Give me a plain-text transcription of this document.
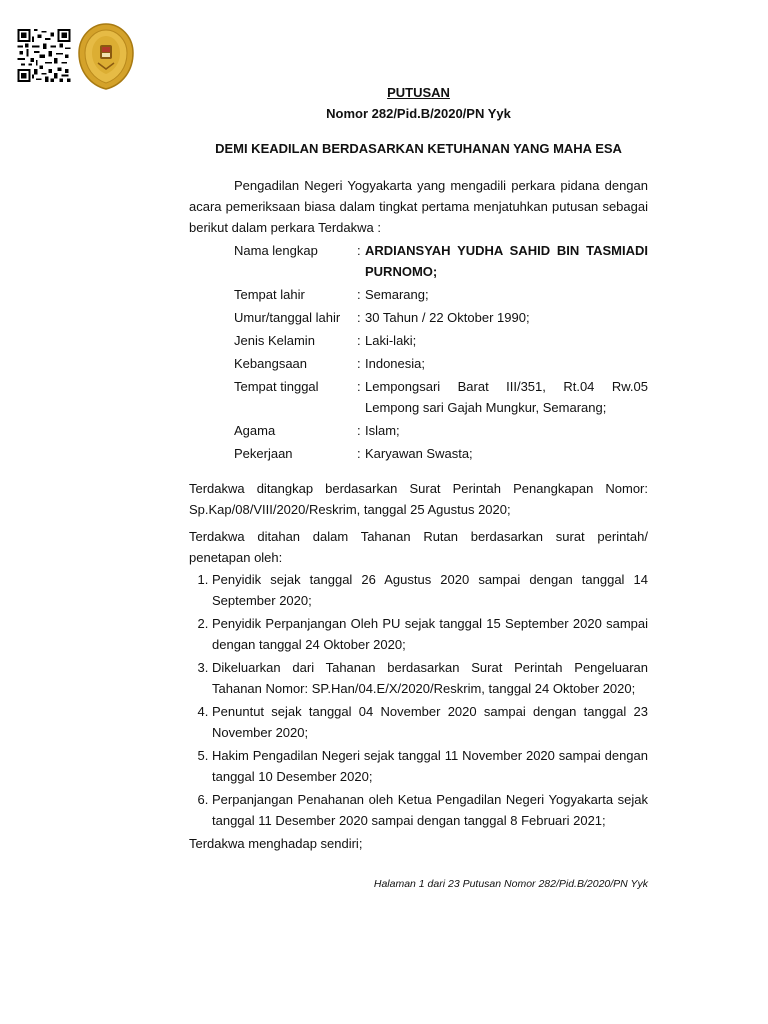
PUTUSAN
Nomor 282/Pid.B/2020/PN Yyk
DEMI KEADILAN BERDASARKAN KETUHANAN YANG MAHA ESA

Pengadilan Negeri Yogyakarta yang mengadili perkara pidana dengan acara pemeriksaan biasa dalam tingkat pertama menjatuhkan putusan sebagai berikut dalam perkara Terdakwa :

Nama lengkap	:	ARDIANSYAH YUDHA SAHID BIN TASMIADI PURNOMO;
Tempat lahir	:	Semarang;
Umur/tanggal lahir	:	30 Tahun / 22 Oktober 1990;
Jenis Kelamin	:	Laki-laki;
Kebangsaan	:	Indonesia;
Tempat tinggal	:	Lempongsari Barat III/351, Rt.04 Rw.05 Lempong sari Gajah Mungkur, Semarang;
Agama	:	Islam;
Pekerjaan	:	Karyawan Swasta;

Terdakwa ditangkap berdasarkan Surat Perintah Penangkapan Nomor: Sp.Kap/08/VIII/2020/Reskrim, tanggal 25 Agustus 2020;

Terdakwa ditahan dalam Tahanan Rutan berdasarkan surat perintah/ penetapan oleh:

1. Penyidik sejak tanggal 26 Agustus 2020 sampai dengan tanggal 14 September 2020;
2. Penyidik Perpanjangan Oleh PU sejak tanggal 15 September 2020 sampai dengan tanggal 24 Oktober 2020;
3. Dikeluarkan dari Tahanan berdasarkan Surat Perintah Pengeluaran Tahanan Nomor: SP.Han/04.E/X/2020/Reskrim, tanggal 24 Oktober 2020;
4. Penuntut sejak tanggal 04 November 2020 sampai dengan tanggal 23 November 2020;
5. Hakim Pengadilan Negeri sejak tanggal 11 November 2020 sampai dengan tanggal 10 Desember 2020;
6. Perpanjangan Penahanan oleh Ketua Pengadilan Negeri Yogyakarta sejak tanggal 11 Desember 2020 sampai dengan tanggal 8 Februari 2021;

Terdakwa menghadap sendiri;

Halaman 1 dari 23 Putusan Nomor 282/Pid.B/2020/PN Yyk
